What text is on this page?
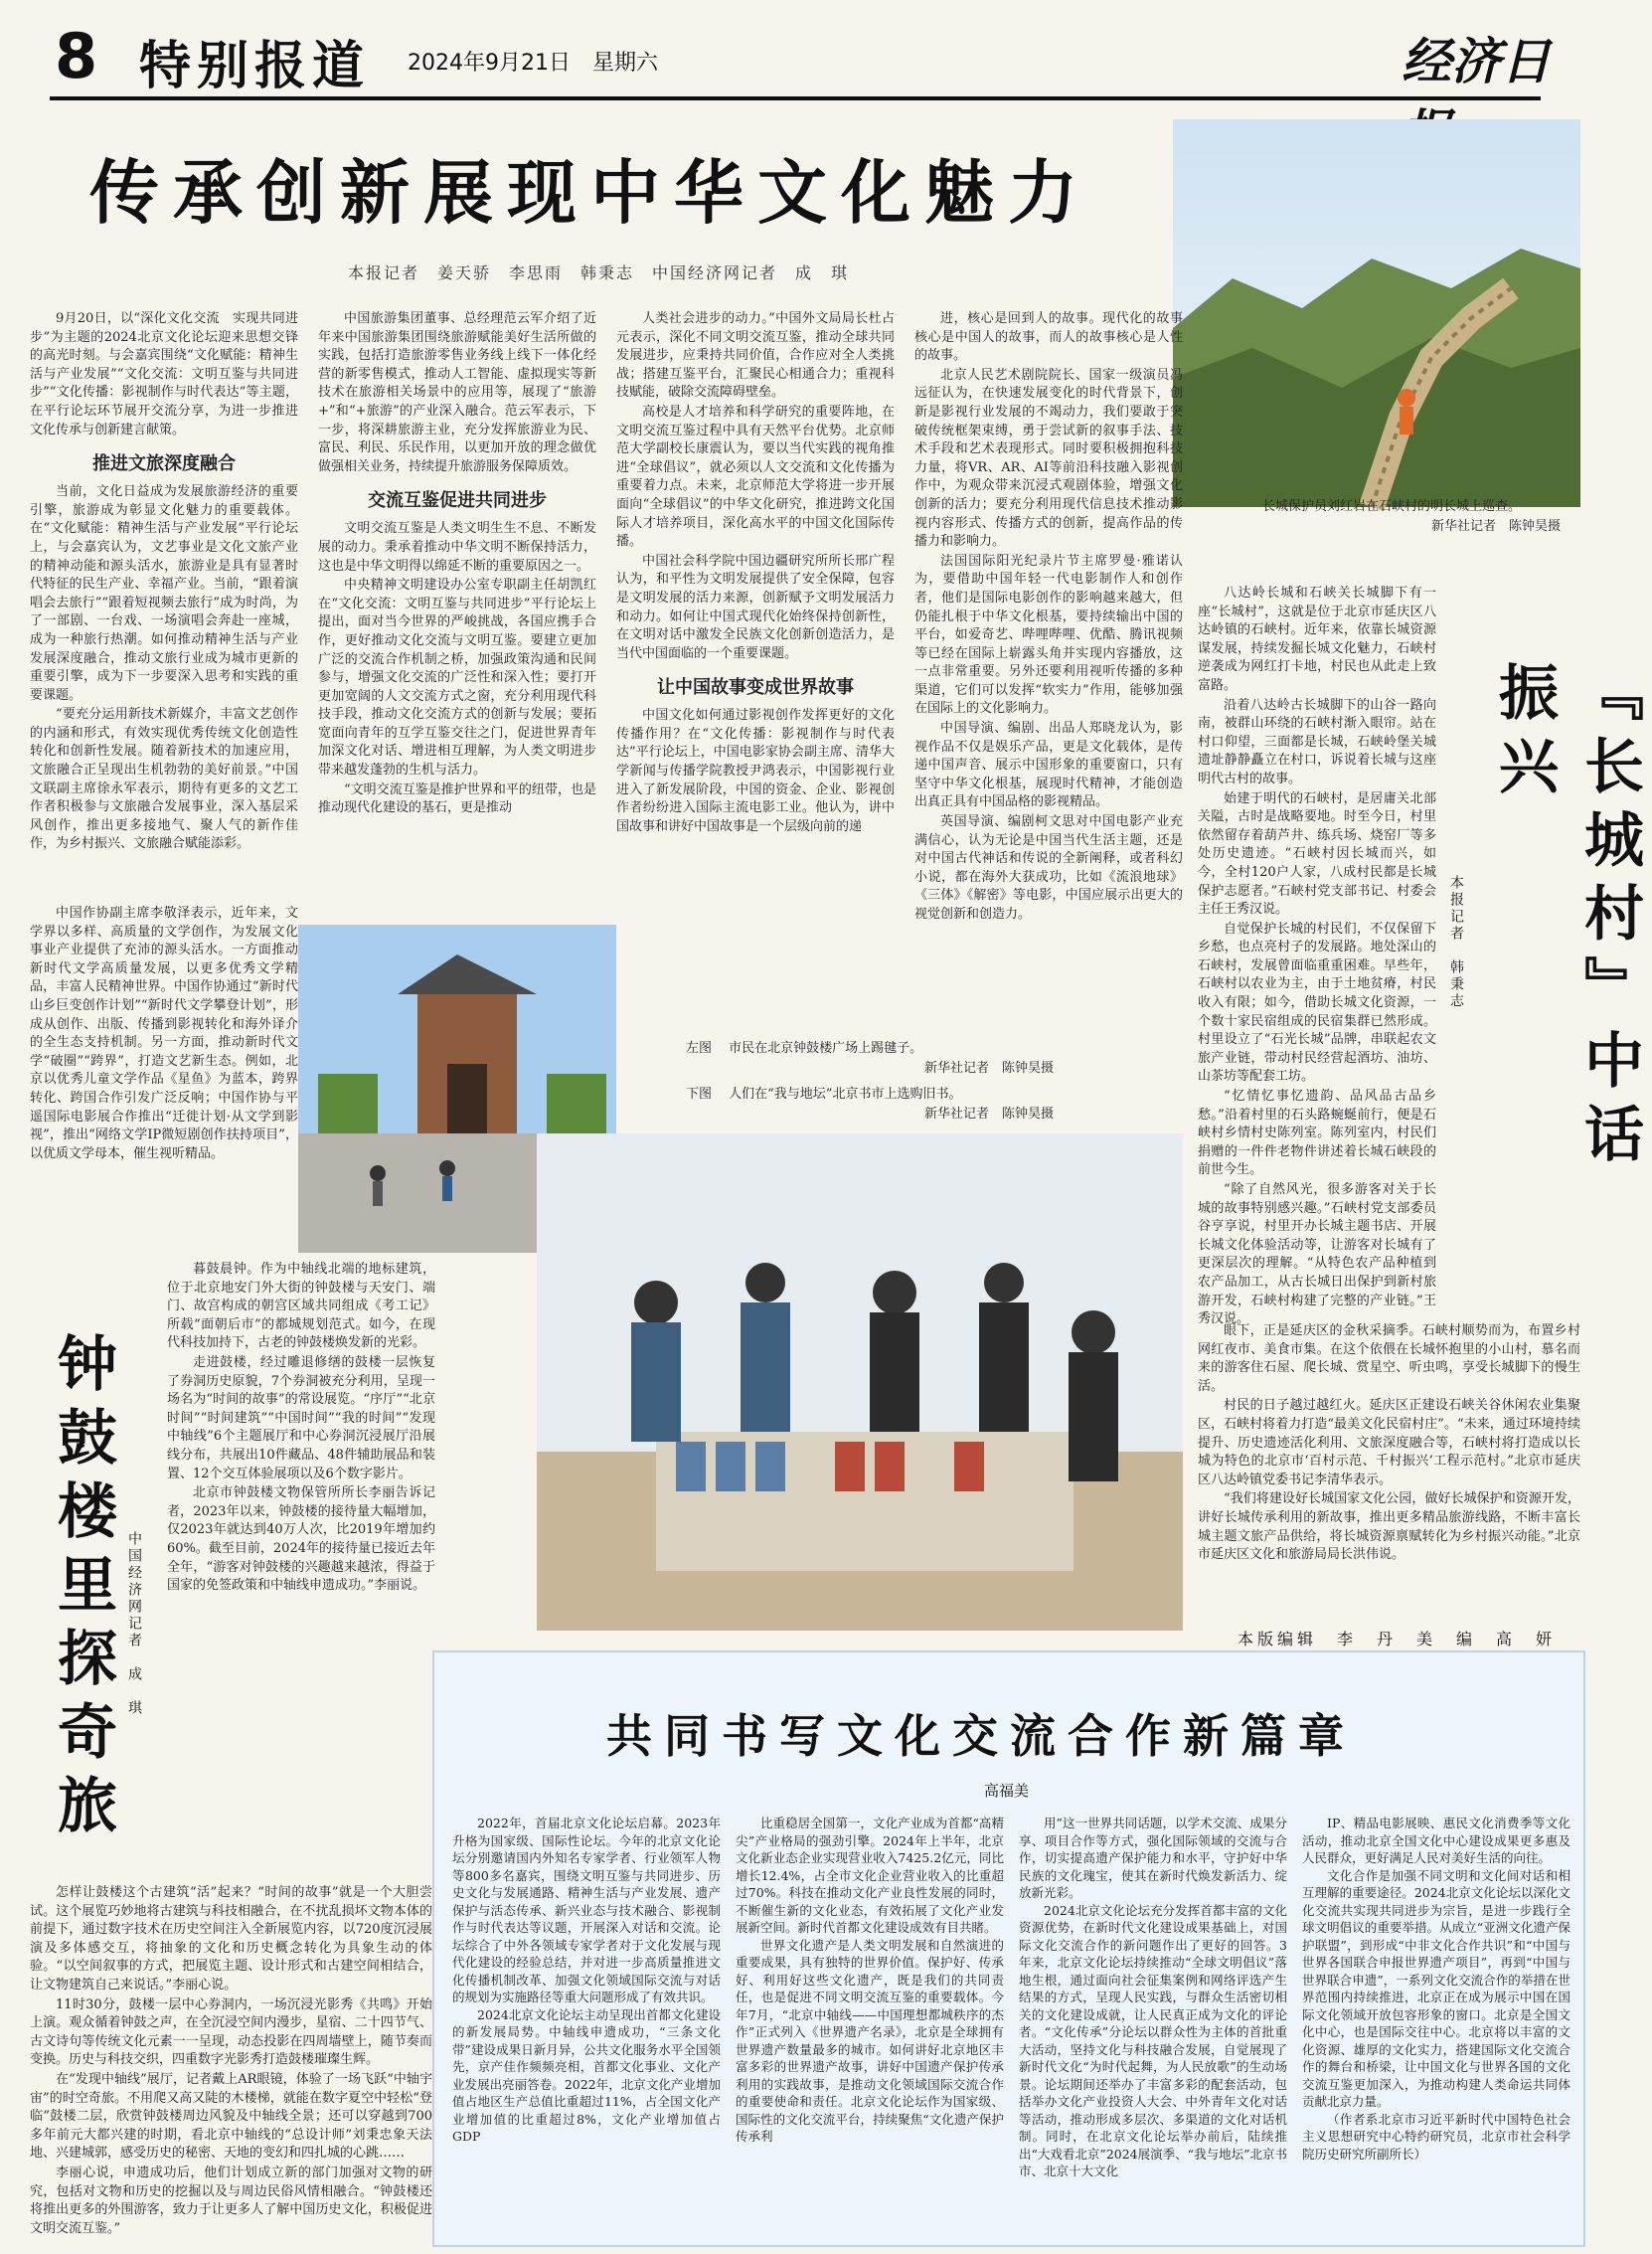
8 特别报道 2024年9月21日　星期六	经济日
传承创新展现中华文化魅力
本报记者　姜天骄　李思雨　韩秉志　中国经济网记者　成　琪
长城保护员刘红岩在石峡村的明长城上巡查。
新华社记者　陈钟昊摄

9月20日，以“深化文化交流　实现共同进步”为主题的2024北京文化论坛迎来思想交锋的高光时刻。与会嘉宾围绕“文化赋能：精神生活与产业发展”“文化交流：文明互鉴与共同进步”“文化传播：影视制作与时代表达”等主题，在平行论坛环节展开交流分享，为进一步推进文化传承与创新建言献策。

推进文旅深度融合

当前，文化日益成为发展旅游经济的重要引擎，旅游成为彰显文化魅力的重要载体。在“文化赋能：精神生活与产业发展”平行论坛上，与会嘉宾认为，文艺事业是文化文旅产业的精神动能和源头活水，旅游业是具有显著时代特征的民生产业、幸福产业。当前，“跟着演唱会去旅行”“跟着短视频去旅行”成为时尚，为了一部剧、一台戏、一场演唱会奔赴一座城，成为一种旅行热潮。如何推动精神生活与产业发展深度融合，推动文旅行业成为城市更新的重要引擎，成为下一步要深入思考和实践的重要课题。

“要充分运用新技术新媒介，丰富文艺创作的内涵和形式，有效实现优秀传统文化创造性转化和创新性发展。随着新技术的加速应用，文旅融合正呈现出生机勃勃的美好前景。”中国文联副主席徐永军表示，期待有更多的文艺工作者积极参与文旅融合发展事业，深入基层采风创作，推出更多接地气、聚人气的新作佳作，为乡村振兴、文旅融合赋能添彩。

中国作协副主席李敬泽表示，近年来，文学界以多样、高质量的文学创作，为发展文化事业产业提供了充沛的源头活水。一方面推动新时代文学高质量发展，以更多优秀文学精品，丰富人民精神世界。中国作协通过“新时代山乡巨变创作计划”“新时代文学攀登计划”，形成从创作、出版、传播到影视转化和海外译介的全生态支持机制。另一方面，推动新时代文学“破圈”“跨界”，打造文艺新生态。例如，北京以优秀儿童文学作品《星鱼》为蓝本，跨界转化、跨国合作引发广泛反响；中国作协与平遥国际电影展合作推出“迁徙计划·从文学到影视”，推出“网络文学IP微短剧创作扶持项目”，以优质文学母本，催生视听精品。

中国旅游集团董事、总经理范云军介绍了近年来中国旅游集团围绕旅游赋能美好生活所做的实践，包括打造旅游零售业务线上线下一体化经营的新零售模式，推动人工智能、虚拟现实等新技术在旅游相关场景中的应用等，展现了“旅游+”和“+旅游”的产业深入融合。范云军表示，下一步，将深耕旅游主业，充分发挥旅游业为民、富民、利民、乐民作用，以更加开放的理念做优做强相关业务，持续提升旅游服务保障质效。

交流互鉴促进共同进步

文明交流互鉴是人类文明生生不息、不断发展的动力。秉承着推动中华文明不断保持活力，这也是中华文明得以绵延不断的重要原因之一。

中央精神文明建设办公室专职副主任胡凯红在“文化交流：文明互鉴与共同进步”平行论坛上提出，面对当今世界的严峻挑战，各国应携手合作，更好推动文化交流与文明互鉴。要建立更加广泛的交流合作机制之桥，加强政策沟通和民间参与，增强文化交流的广泛性和深入性；要打开更加宽阔的人文交流方式之窗，充分利用现代科技手段，推动文化交流方式的创新与发展；要拓宽面向青年的互学互鉴交往之门，促进世界青年加深文化对话、增进相互理解，为人类文明进步带来越发蓬勃的生机与活力。

“文明交流互鉴是推护世界和平的纽带，也是推动现代化建设的基石，更是推动

人类社会进步的动力。”中国外文局局长杜占元表示，深化不同文明交流互鉴，推动全球共同发展进步，应秉持共同价值，合作应对全人类挑战；搭建互鉴平台，汇聚民心相通合力；重视科技赋能，破除交流障碍壁垒。

高校是人才培养和科学研究的重要阵地，在文明交流互鉴过程中具有天然平台优势。北京师范大学副校长康震认为，要以当代实践的视角推进“全球倡议”，就必须以人文交流和文化传播为重要着力点。未来，北京师范大学将进一步开展面向“全球倡议”的中华文化研究，推进跨文化国际人才培养项目，深化高水平的中国文化国际传播。

中国社会科学院中国边疆研究所所长邢广程认为，和平性为文明发展提供了安全保障，包容是文明发展的活力来源，创新赋予文明发展活力和动力。如何让中国式现代化始终保持创新性，在文明对话中激发全民族文化创新创造活力，是当代中国面临的一个重要课题。

让中国故事变成世界故事

中国文化如何通过影视创作发挥更好的文化传播作用？在“文化传播：影视制作与时代表达”平行论坛上，中国电影家协会副主席、清华大学新闻与传播学院教授尹鸿表示，中国影视行业进入了新发展阶段，中国的资金、企业、影视创作者纷纷进入国际主流电影工业。他认为，讲中国故事和讲好中国故事是一个层级向前的递

进，核心是回到人的故事。现代化的故事核心是中国人的故事，而人的故事核心是人性的故事。

北京人民艺术剧院院长、国家一级演员冯远征认为，在快速发展变化的时代背景下，创新是影视行业发展的不竭动力，我们要敢于突破传统框架束缚，勇于尝试新的叙事手法、技术手段和艺术表现形式。同时要积极拥抱科技力量，将VR、AR、AI等前沿科技融入影视创作中，为观众带来沉浸式观剧体验，增强文化创新的活力；要充分利用现代信息技术推动影视内容形式、传播方式的创新，提高作品的传播力和影响力。

法国国际阳光纪录片节主席罗曼·雅诺认为，要借助中国年轻一代电影制作人和创作者，他们是国际电影创作的影响越来越大，但仍能扎根于中华文化根基，要持续输出中国的平台，如爱奇艺、哔哩哔哩、优酷、腾讯视频等已经在国际上崭露头角并实现内容播放，这一点非常重要。另外还要利用视听传播的多种渠道，它们可以发挥“软实力”作用，能够加强在国际上的文化影响力。

中国导演、编剧、出品人郑晓龙认为，影视作品不仅是娱乐产品，更是文化载体，是传递中国声音、展示中国形象的重要窗口，只有坚守中华文化根基，展现时代精神，才能创造出真正具有中国品格的影视精品。

英国导演、编剧柯文思对中国电影产业充满信心，认为无论是中国当代生活主题，还是对中国古代神话和传说的全新阐释，或者科幻小说，都在海外大获成功，比如《流浪地球》《三体》《解密》等电影，中国应展示出更大的视觉创新和创造力。

左图　 市民在北京钟鼓楼广场上踢毽子。
新华社记者　陈钟昊摄
下图　 人们在“我与地坛”北京书市上选购旧书。
新华社记者　陈钟昊摄
钟鼓楼里探奇旅 中国经济网记者　成　琪

暮鼓晨钟。作为中轴线北端的地标建筑，位于北京地安门外大街的钟鼓楼与天安门、端门、故宫构成的朝宫区域共同组成《考工记》所载“面朝后市”的都城规划范式。如今，在现代科技加持下，古老的钟鼓楼焕发新的光彩。

走进鼓楼，经过雕退修缮的鼓楼一层恢复了券洞历史原貌，7个券洞被充分利用，呈现一场名为“时间的故事”的常设展览。“序厅”“北京时间”“时间建筑”“中国时间”“我的时间”“发现中轴线”6个主题展厅和中心券洞沉浸展厅沿展线分布，共展出10件藏品、48件辅助展品和装置、12个交互体验展项以及6个数字影片。

北京市钟鼓楼文物保管所所长李丽告诉记者，2023年以来，钟鼓楼的接待量大幅增加，仅2023年就达到40万人次，比2019年增加约60%。截至目前，2024年的接待量已接近去年全年，“游客对钟鼓楼的兴趣越来越浓，得益于国家的免签政策和中轴线申遗成功。”李丽说。

怎样让鼓楼这个古建筑“活”起来？“时间的故事”就是一个大胆尝试。这个展览巧妙地将古建筑与科技相融合，在不扰乱损坏文物本体的前提下，通过数字技术在历史空间注入全新展览内容，以720度沉浸展演及多体感交互，将抽象的文化和历史概念转化为具象生动的体验。“以空间叙事的方式，把展览主题、设计形式和古建空间相结合，让文物建筑自己来说话。”李丽心说。

11时30分，鼓楼一层中心券洞内，一场沉浸光影秀《共鸣》开始上演。观众循着钟鼓之声，在全沉浸空间内漫步，星宿、二十四节气、古文诗句等传统文化元素一一呈现，动态投影在四周墙壁上，随节奏而变换。历史与科技交织，四重数字光影秀打造鼓楼璀璨生辉。

在“发现中轴线”展厅，记者戴上AR眼镜，体验了一场飞跃“中轴宇宙”的时空奇旅。不用爬又高又陡的木楼梯，就能在数字夏空中轻松“登临”鼓楼二层，欣赏钟鼓楼周边风貌及中轴线全景；还可以穿越到700多年前元大都兴建的时期，看北京中轴线的“总设计师”刘秉忠象天法地、兴建城郭，感受历史的秘密、天地的变幻和四扎城的心跳……

李丽心说，申遗成功后，他们计划成立新的部门加强对文物的研究，包括对文物和历史的挖掘以及与周边民俗风情相融合。“钟鼓楼还将推出更多的外围游客，致力于让更多人了解中国历史文化，积极促进文明交流互鉴。”

『长城村』中话振兴
本报记者　韩秉志

八达岭长城和石峡关长城脚下有一座“长城村”，这就是位于北京市延庆区八达岭镇的石峡村。近年来，依靠长城资源谋发展，持续发掘长城文化魅力，石峡村逆袭成为网红打卡地，村民也从此走上致富路。

沿着八达岭古长城脚下的山谷一路向南，被群山环绕的石峡村渐入眼帘。站在村口仰望，三面都是长城，石峡岭堡关城遗址静静矗立在村口，诉说着长城与这座明代古村的故事。

始建于明代的石峡村，是居庸关北部关隘，古时是战略要地。时至今日，村里依然留存着葫芦井、练兵场、烧窑厂等多处历史遗迹。“石峡村因长城而兴，如今，全村120户人家，八成村民都是长城保护志愿者。”石峡村党支部书记、村委会主任王秀汉说。

自觉保护长城的村民们，不仅保留下乡愁，也点亮村子的发展路。地处深山的石峡村，发展曾面临重重困难。早些年，石峡村以农业为主，由于土地贫瘠，村民收入有限；如今，借助长城文化资源，一个数十家民宿组成的民宿集群已然形成。村里设立了“石光长城”品牌，串联起农文旅产业链，带动村民经营起酒坊、油坊、山茶坊等配套工坊。

“忆情忆事忆遗韵、品风品古品乡愁。”沿着村里的石头路蜿蜒前行，便是石峡村乡情村史陈列室。陈列室内，村民们捐赠的一件件老物件讲述着长城石峡段的前世今生。

“除了自然风光，很多游客对关于长城的故事特别感兴趣。”石峡村党支部委员谷亨享说，村里开办长城主题书店、开展长城文化体验活动等，让游客对长城有了更深层次的理解。“从特色农产品种植到农产品加工，从古长城日出保护到新村旅游开发，石峡村构建了完整的产业链。”王秀汉说。

眼下，正是延庆区的金秋采摘季。石峡村顺势而为，布置乡村网红夜市、美食市集。在这个依偎在长城怀抱里的小山村，慕名而来的游客住石屋、爬长城、赏星空、听虫鸣，享受长城脚下的慢生活。

村民的日子越过越红火。延庆区正建设石峡关谷休闲农业集聚区，石峡村将着力打造“最美文化民宿村庄”。“未来，通过环境持续提升、历史遗迹活化利用、文旅深度融合等，石峡村将打造成以长城为特色的北京市‘百村示范、千村振兴’工程示范村。”北京市延庆区八达岭镇党委书记李清华表示。

“我们将建设好长城国家文化公园，做好长城保护和资源开发，讲好长城传承利用的新故事，推出更多精品旅游线路，不断丰富长城主题文旅产品供给，将长城资源禀赋转化为乡村振兴动能。”北京市延庆区文化和旅游局局长洪伟说。

本版编辑　李　丹　美　编　高　妍
共同书写文化交流合作新篇章
高福美

2022年，首届北京文化论坛启幕。2023年升格为国家级、国际性论坛。今年的北京文化论坛分别邀请国内外知名专家学者、行业领军人物等800多名嘉宾，围绕文明互鉴与共同进步、历史文化与发展通路、精神生活与产业发展、遗产保护与活态传承、新兴业态与技术融合、影视制作与时代表达等议题，开展深入对话和交流。论坛综合了中外各领域专家学者对于文化发展与现代化建设的经验总结，并对进一步高质量推进文化传播机制改革、加强文化领域国际交流与对话的规划为实施路径等重大问题形成了有效共识。

2024北京文化论坛主动呈现出首都文化建设的新发展局势。中轴线申遗成功，“三条文化带”建设成果日新月异，公共文化服务水平全国领先，京产佳作频频亮相，首都文化事业、文化产业发展出亮丽答卷。2022年，北京文化产业增加值占地区生产总值比重超过11%，占全国文化产业增加值的比重超过8%，文化产业增加值占GDP

比重稳居全国第一，文化产业成为首都“高精尖”产业格局的强劲引擎。2024年上半年，北京文化新业态企业实现营业收入7425.2亿元，同比增长12.4%，占全市文化企业营业收入的比重超过70%。科技在推动文化产业良性发展的同时，不断催生新的文化业态，有效拓展了文化产业发展新空间。新时代首都文化建设成效有目共睹。

世界文化遗产是人类文明发展和自然演进的重要成果，具有独特的世界价值。保护好、传承好、利用好这些文化遗产，既是我们的共同责任，也是促进不同文明交流互鉴的重要载体。今年7月，“北京中轴线——中国理想都城秩序的杰作”正式列入《世界遗产名录》，北京是全球拥有世界遗产数量最多的城市。如何讲好北京地区丰富多彩的世界遗产故事，讲好中国遗产保护传承利用的实践故事，是推动文化领域国际交流合作的重要使命和责任。北京文化论坛作为国家级、国际性的文化交流平台，持续聚焦“文化遗产保护传承利

用”这一世界共同话题，以学术交流、成果分享、项目合作等方式，强化国际领域的交流与合作，切实提高遗产保护能力和水平，守护好中华民族的文化瑰宝，使其在新时代焕发新活力、绽放新光彩。

2024北京文化论坛充分发挥首都丰富的文化资源优势，在新时代文化建设成果基础上，对国际文化交流合作的新问题作出了更好的回答。3年来，北京文化论坛持续推动“全球文明倡议”落地生根，通过面向社会征集案例和网络评选产生结果的方式，呈现人民实践，与群众生活密切相关的文化建设成就，让人民真正成为文化的评论者。“文化传承”分论坛以群众性为主体的首批重大活动，坚持文化与科技融合发展，自觉展现了新时代文化“为时代起舞，为人民放歌”的生动场景。论坛期间还举办了丰富多彩的配套活动，包括举办文化产业投资人大会、中外青年文化对话等活动，推动形成多层次、多渠道的文化对话机制。同时，在北京文化论坛举办前后，陆续推出“大戏看北京”2024展演季、“我与地坛”北京书市、北京十大文化

IP、精品电影展映、惠民文化消费季等文化活动，推动北京全国文化中心建设成果更多惠及人民群众，更好满足人民对美好生活的向往。

文化合作是加强不同文明和文化间对话和相互理解的重要途径。2024北京文化论坛以深化文化交流共实现共同进步为宗旨，是进一步践行全球文明倡议的重要举措。从成立“亚洲文化遗产保护联盟”，到形成“中非文化合作共识”和“中国与世界各国联合申报世界遗产项目”，再到“中国与世界联合申遗”，一系列文化交流合作的举措在世界范围内持续推进，北京正在成为展示中国在国际文化领域开放包容形象的窗口。北京是全国文化中心，也是国际交往中心。北京将以丰富的文化资源、雄厚的文化实力，搭建国际文化交流合作的舞台和桥梁，让中国文化与世界各国的文化交流互鉴更加深入，为推动构建人类命运共同体贡献北京力量。

（作者系北京市习近平新时代中国特色社会主义思想研究中心特约研究员，北京市社会科学院历史研究所副所长）
